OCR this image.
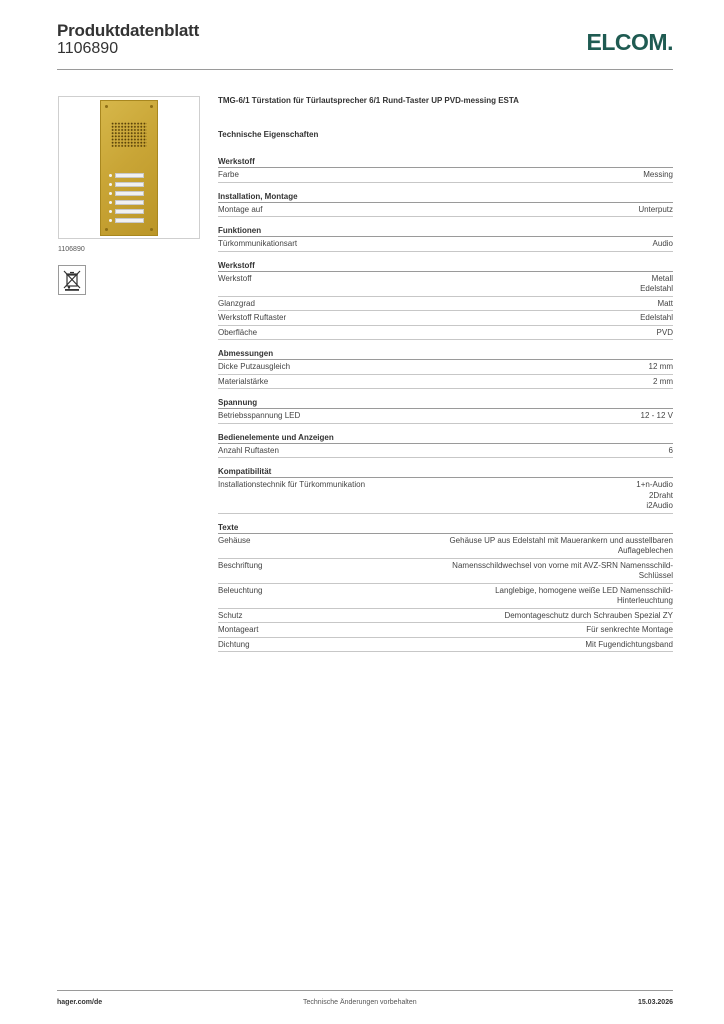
Produktdatenblatt
1106890	ELCOM.
1106890
TMG-6/1 Türstation für Türlautsprecher 6/1 Rund-Taster UP PVD-messing ESTA
Technische Eigenschaften
Werkstoff
Farbe	Messing
Installation, Montage
Montage auf	Unterputz
Funktionen
Türkommunikationsart	Audio
Werkstoff
Werkstoff	Metall
Edelstahl
Glanzgrad	Matt
Werkstoff Ruftaster	Edelstahl
Oberfläche	PVD
Abmessungen
Dicke Putzausgleich	12 mm
Materialstärke	2 mm
Spannung
Betriebsspannung LED	12 - 12 V
Bedienelemente und Anzeigen
Anzahl Ruftasten	6
Kompatibilität
Installationstechnik für Türkommunikation	1+n-Audio
2Draht
i2Audio
Texte
Gehäuse	Gehäuse UP aus Edelstahl mit Mauerankern und ausstellbaren
Auflageblechen
Beschriftung	Namensschildwechsel von vorne mit AVZ-SRN Namensschild-
Schlüssel
Beleuchtung	Langlebige, homogene weiße LED Namensschild-
Hinterleuchtung
Schutz	Demontageschutz durch Schrauben Spezial ZY
Montageart	Für senkrechte Montage
Dichtung	Mit Fugendichtungsband
hager.com/de	Technische Änderungen vorbehalten	15.03.2026
